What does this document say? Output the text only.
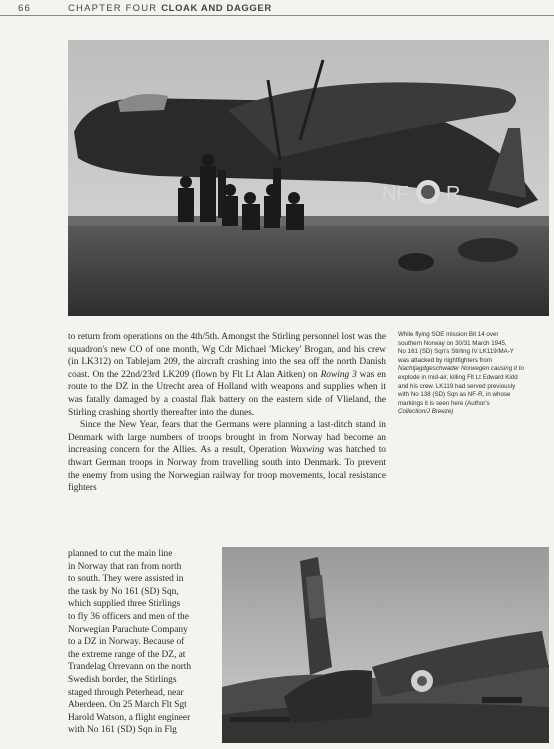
66	CHAPTER FOUR CLOAK AND DAGGER
NF R

to return from operations on the 4th/5th. Amongst the Stirling personnel lost was the squadron's new CO of one month, Wg Cdr Michael 'Mickey' Brogan, and his crew (in LK312) on Tablejam 209, the aircraft crashing into the sea off the north Danish coast. On the 22nd/23rd LK209 (flown by Flt Lt Alan Aitken) on Rowing 3 was en route to the DZ in the Utrecht area of Holland with weapons and supplies when it was fatally damaged by a coastal flak battery on the eastern side of Vlieland, the Stirling crashing shortly thereafter into the dunes.

Since the New Year, fears that the Germans were planning a last-ditch stand in Denmark with large numbers of troops brought in from Norway had become an increasing concern for the Allies. As a result, Operation Waxwing was hatched to thwart German troops in Norway from travelling south into Denmark. To prevent the enemy from using the Norwegian railway for troop movements, local resistance fighters

planned to cut the main line
in Norway that ran from north
to south. They were assisted in
the task by No 161 (SD) Sqn,
which supplied three Stirlings
to fly 36 officers and men of the
Norwegian Parachute Company
to a DZ in Norway. Because of
the extreme range of the DZ, at
Trandelag Orrevann on the north
Swedish border, the Stirlings
staged through Peterhead, near
Aberdeen. On 25 March Flt Sgt
Harold Watson, a flight engineer
with No 161 (SD) Sqn in Flg
While flying SOE mission Bit 14 over
southern Norway on 30/31 March 1945,
No 161 (SD) Sqn's Stirling IV LK119/MA-Y
was attacked by nightfighters from
Nachtjagdgeschwader Norwegen causing it to
explode in mid-air, killing Flt Lt Edward Kidd
and his crew. LK119 had served previously
with No 138 (SD) Sqn as NF-R, in whose
markings it is seen here (Author's
Collection/J Breeze)
